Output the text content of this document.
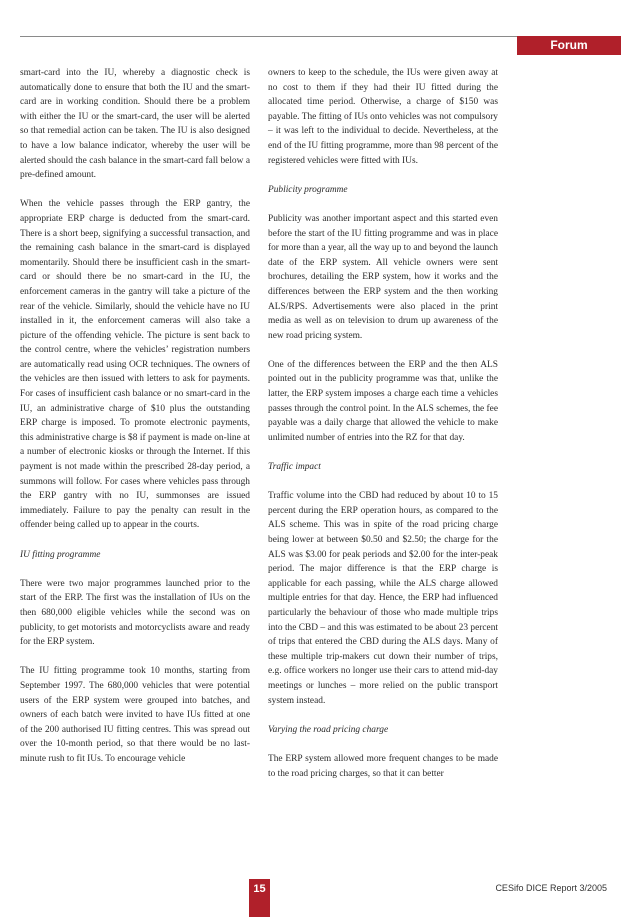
Forum

smart-card into the IU, whereby a diagnostic check is automatically done to ensure that both the IU and the smart-card are in working condition. Should there be a problem with either the IU or the smart-card, the user will be alerted so that remedial action can be taken. The IU is also designed to have a low balance indicator, whereby the user will be alerted should the cash balance in the smart-card fall below a pre-defined amount.

When the vehicle passes through the ERP gantry, the appropriate ERP charge is deducted from the smart-card. There is a short beep, signifying a successful transaction, and the remaining cash balance in the smart-card is displayed momentarily. Should there be insufficient cash in the smart-card or should there be no smart-card in the IU, the enforcement cameras in the gantry will take a picture of the rear of the vehicle. Similarly, should the vehicle have no IU installed in it, the enforcement cameras will also take a picture of the offending vehicle. The picture is sent back to the control centre, where the vehicles’ registration numbers are automatically read using OCR techniques. The owners of the vehicles are then issued with letters to ask for payments. For cases of insufficient cash balance or no smart-card in the IU, an administrative charge of $10 plus the outstanding ERP charge is imposed. To promote electronic payments, this administrative charge is $8 if payment is made on-line at a number of electronic kiosks or through the Internet. If this payment is not made within the prescribed 28-day period, a summons will follow. For cases where vehicles pass through the ERP gantry with no IU, summonses are issued immediately. Failure to pay the penalty can result in the offender being called up to appear in the courts.

IU fitting programme

There were two major programmes launched prior to the start of the ERP. The first was the installation of IUs on the then 680,000 eligible vehicles while the second was on publicity, to get motorists and motorcyclists aware and ready for the ERP system.

The IU fitting programme took 10 months, starting from September 1997. The 680,000 vehicles that were potential users of the ERP system were grouped into batches, and owners of each batch were invited to have IUs fitted at one of the 200 authorised IU fitting centres. This was spread out over the 10-month period, so that there would be no last-minute rush to fit IUs. To encourage vehicle

owners to keep to the schedule, the IUs were given away at no cost to them if they had their IU fitted during the allocated time period. Otherwise, a charge of $150 was payable. The fitting of IUs onto vehicles was not compulsory – it was left to the individual to decide. Nevertheless, at the end of the IU fitting programme, more than 98 percent of the registered vehicles were fitted with IUs.

Publicity programme

Publicity was another important aspect and this started even before the start of the IU fitting programme and was in place for more than a year, all the way up to and beyond the launch date of the ERP system. All vehicle owners were sent brochures, detailing the ERP system, how it works and the differences between the ERP system and the then working ALS/RPS. Advertisements were also placed in the print media as well as on television to drum up awareness of the new road pricing system.

One of the differences between the ERP and the then ALS pointed out in the publicity programme was that, unlike the latter, the ERP system imposes a charge each time a vehicles passes through the control point. In the ALS schemes, the fee payable was a daily charge that allowed the vehicle to make unlimited number of entries into the RZ for that day.

Traffic impact

Traffic volume into the CBD had reduced by about 10 to 15 percent during the ERP operation hours, as compared to the ALS scheme. This was in spite of the road pricing charge being lower at between $0.50 and $2.50; the charge for the ALS was $3.00 for peak periods and $2.00 for the inter-peak period. The major difference is that the ERP charge is applicable for each passing, while the ALS charge allowed multiple entries for that day. Hence, the ERP had influenced particularly the behaviour of those who made multiple trips into the CBD – and this was estimated to be about 23 percent of trips that entered the CBD during the ALS days. Many of these multiple trip-makers cut down their number of trips, e.g. office workers no longer use their cars to attend mid-day meetings or lunches – more relied on the public transport system instead.

Varying the road pricing charge

The ERP system allowed more frequent changes to be made to the road pricing charges, so that it can better

15	CESifo DICE Report 3/2005
